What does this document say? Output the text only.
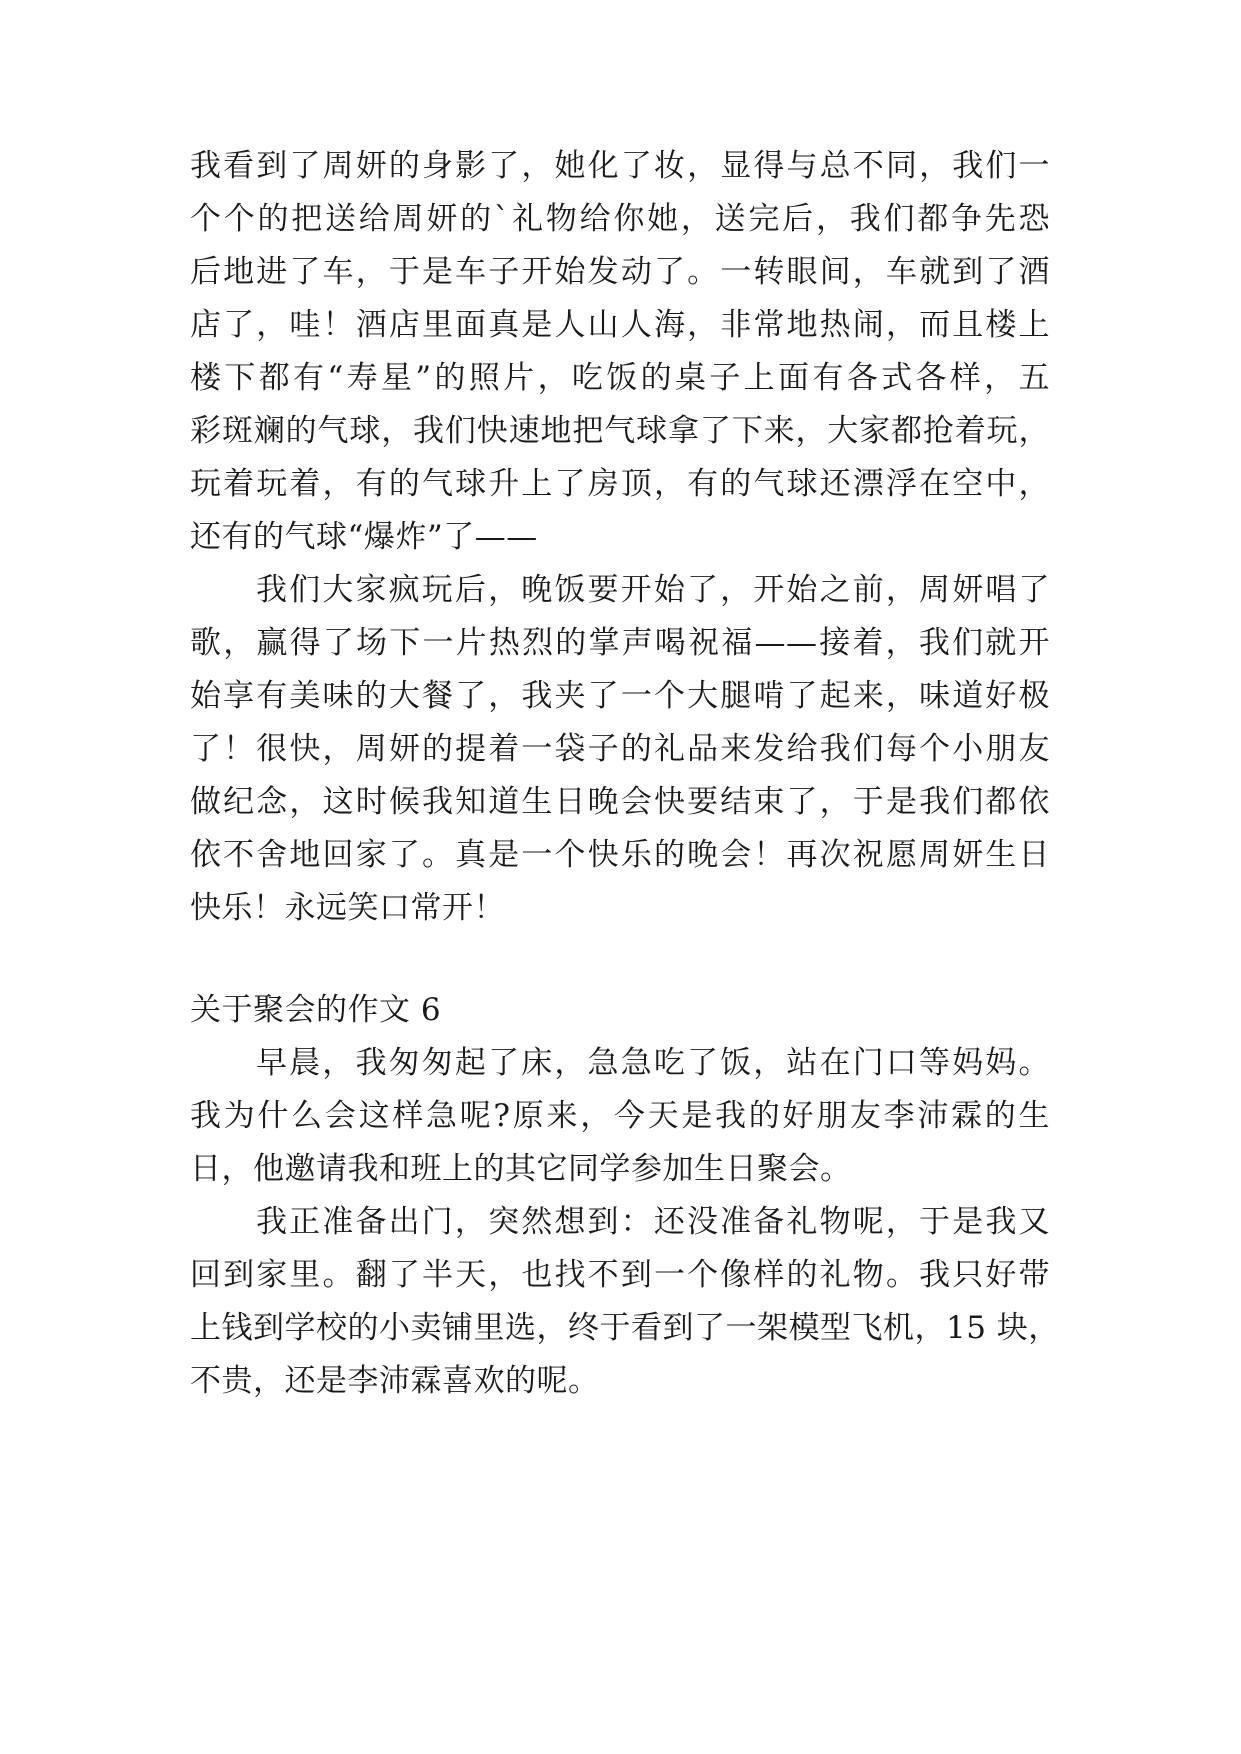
我看到了周妍的身影了，她化了妆，显得与总不同，我们一
个个的把送给周妍的`礼物给你她，送完后，我们都争先恐
后地进了车，于是车子开始发动了。一转眼间，车就到了酒
店了，哇！酒店里面真是人山人海，非常地热闹，而且楼上
楼下都有“寿星”的照片，吃饭的桌子上面有各式各样，五
彩斑斓的气球，我们快速地把气球拿了下来，大家都抢着玩，
玩着玩着，有的气球升上了房顶，有的气球还漂浮在空中，
还有的气球“爆炸”了——
我们大家疯玩后，晚饭要开始了，开始之前，周妍唱了
歌，赢得了场下一片热烈的掌声喝祝福——接着，我们就开
始享有美味的大餐了，我夹了一个大腿啃了起来，味道好极
了！很快，周妍的提着一袋子的礼品来发给我们每个小朋友
做纪念，这时候我知道生日晚会快要结束了，于是我们都依
依不舍地回家了。真是一个快乐的晚会！再次祝愿周妍生日
快乐！永远笑口常开！
关于聚会的作文 6
早晨，我匆匆起了床，急急吃了饭，站在门口等妈妈。
我为什么会这样急呢?原来，今天是我的好朋友李沛霖的生
日，他邀请我和班上的其它同学参加生日聚会。
我正准备出门，突然想到：还没准备礼物呢，于是我又
回到家里。翻了半天，也找不到一个像样的礼物。我只好带
上钱到学校的小卖铺里选，终于看到了一架模型飞机，15 块，
不贵，还是李沛霖喜欢的呢。
